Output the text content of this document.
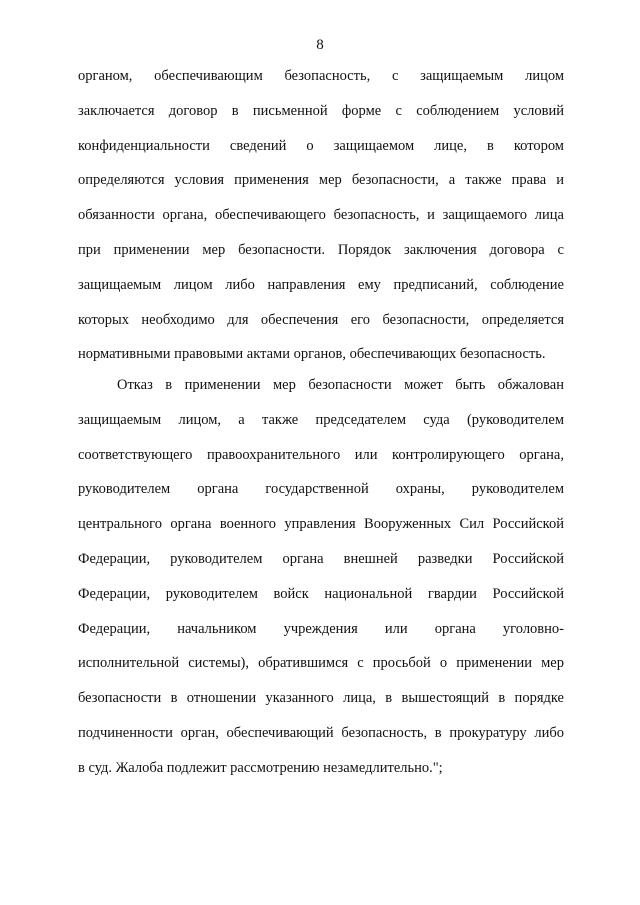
8
органом, обеспечивающим безопасность, с защищаемым лицом
заключается договор в письменной форме с соблюдением условий
конфиденциальности сведений о защищаемом лице, в котором
определяются условия применения мер безопасности, а также права и
обязанности органа, обеспечивающего безопасность, и защищаемого лица
при применении мер безопасности. Порядок заключения договора с
защищаемым лицом либо направления ему предписаний, соблюдение
которых необходимо для обеспечения его безопасности, определяется
нормативными правовыми актами органов, обеспечивающих безопасность.
Отказ в применении мер безопасности может быть обжалован
защищаемым лицом, а также председателем суда (руководителем
соответствующего правоохранительного или контролирующего органа,
руководителем органа государственной охраны, руководителем
центрального органа военного управления Вооруженных Сил Российской
Федерации, руководителем органа внешней разведки Российской
Федерации, руководителем войск национальной гвардии Российской
Федерации, начальником учреждения или органа уголовно-
исполнительной системы), обратившимся с просьбой о применении мер
безопасности в отношении указанного лица, в вышестоящий в порядке
подчиненности орган, обеспечивающий безопасность, в прокуратуру либо
в суд. Жалоба подлежит рассмотрению незамедлительно.";
